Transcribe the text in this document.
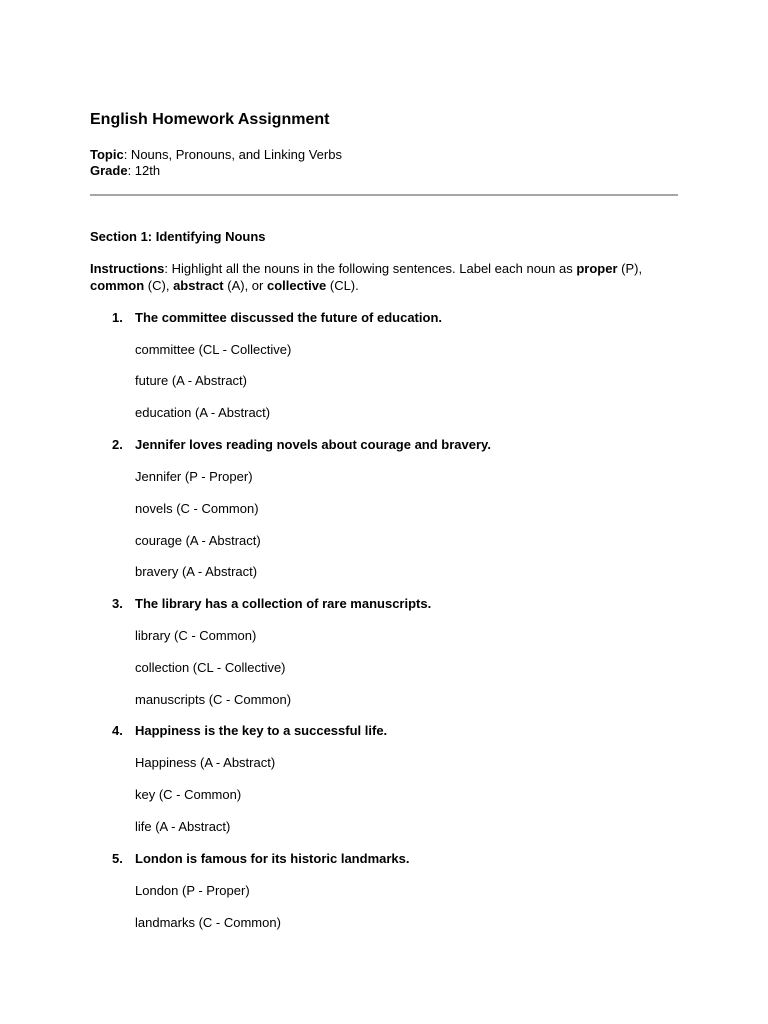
English Homework Assignment
Topic: Nouns, Pronouns, and Linking Verbs
Grade: 12th
Section 1: Identifying Nouns
Instructions: Highlight all the nouns in the following sentences. Label each noun as proper (P),
common (C), abstract (A), or collective (CL).
1. The committee discussed the future of education.
committee (CL - Collective)
future (A - Abstract)
education (A - Abstract)
2. Jennifer loves reading novels about courage and bravery.
Jennifer (P - Proper)
novels (C - Common)
courage (A - Abstract)
bravery (A - Abstract)
3. The library has a collection of rare manuscripts.
library (C - Common)
collection (CL - Collective)
manuscripts (C - Common)
4. Happiness is the key to a successful life.
Happiness (A - Abstract)
key (C - Common)
life (A - Abstract)
5. London is famous for its historic landmarks.
London (P - Proper)
landmarks (C - Common)
